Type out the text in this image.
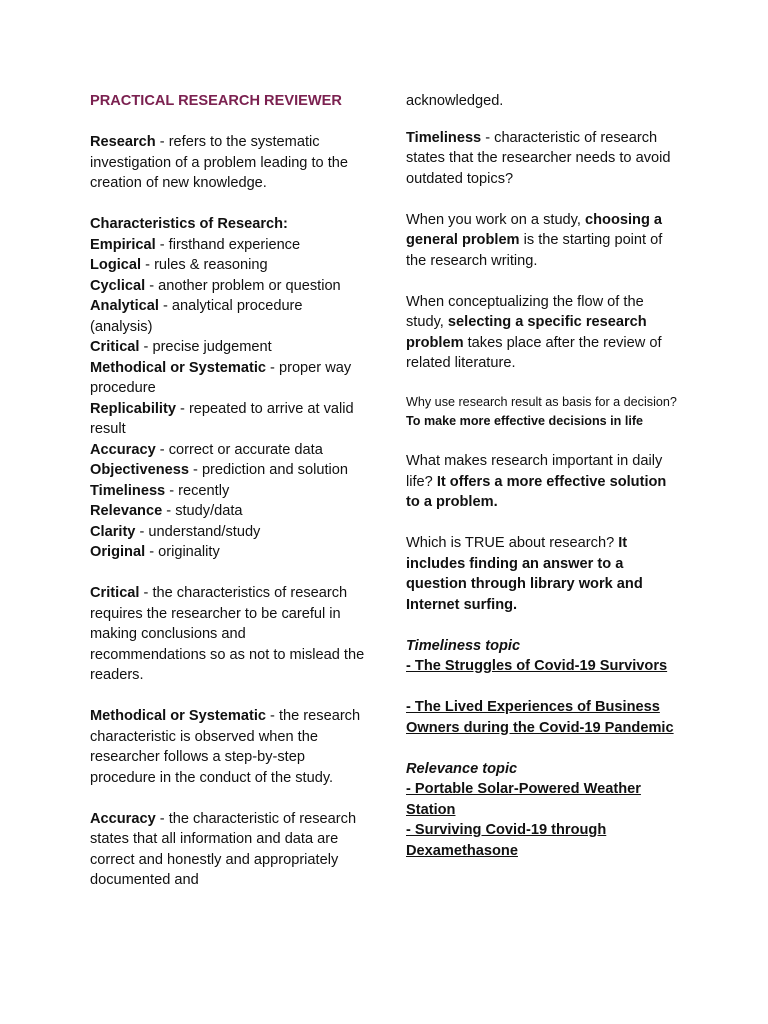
PRACTICAL RESEARCH REVIEWER

Research - refers to the systematic investigation of a problem leading to the creation of new knowledge.

Characteristics of Research:

Empirical - firsthand experience

Logical - rules & reasoning

Cyclical - another problem or question

Analytical - analytical procedure (analysis)

Critical - precise judgement

Methodical or Systematic - proper way procedure

Replicability - repeated to arrive at valid result

Accuracy - correct or accurate data

Objectiveness - prediction and solution

Timeliness - recently

Relevance - study/data

Clarity - understand/study

Original - originality

Critical - the characteristics of research requires the researcher to be careful in making conclusions and recommendations so as not to mislead the readers.

Methodical or Systematic - the research characteristic is observed when the researcher follows a step-by-step procedure in the conduct of the study.

Accuracy - the characteristic of research states that all information and data are correct and honestly and appropriately documented and

acknowledged.

Timeliness - characteristic of research states that the researcher needs to avoid outdated topics?

When you work on a study, choosing a general problem is the starting point of the research writing.

When conceptualizing the flow of the study, selecting a specific research problem takes place after the review of related literature.

Why use research result as basis for a decision? To make more effective decisions in life

What makes research important in daily life? It offers a more effective solution to a problem.

Which is TRUE about research? It includes finding an answer to a question through library work and Internet surfing.

Timeliness topic

- The Struggles of Covid-19 Survivors

- The Lived Experiences of Business Owners during the Covid-19 Pandemic

Relevance topic

- Portable Solar-Powered Weather Station

- Surviving Covid-19 through Dexamethasone
